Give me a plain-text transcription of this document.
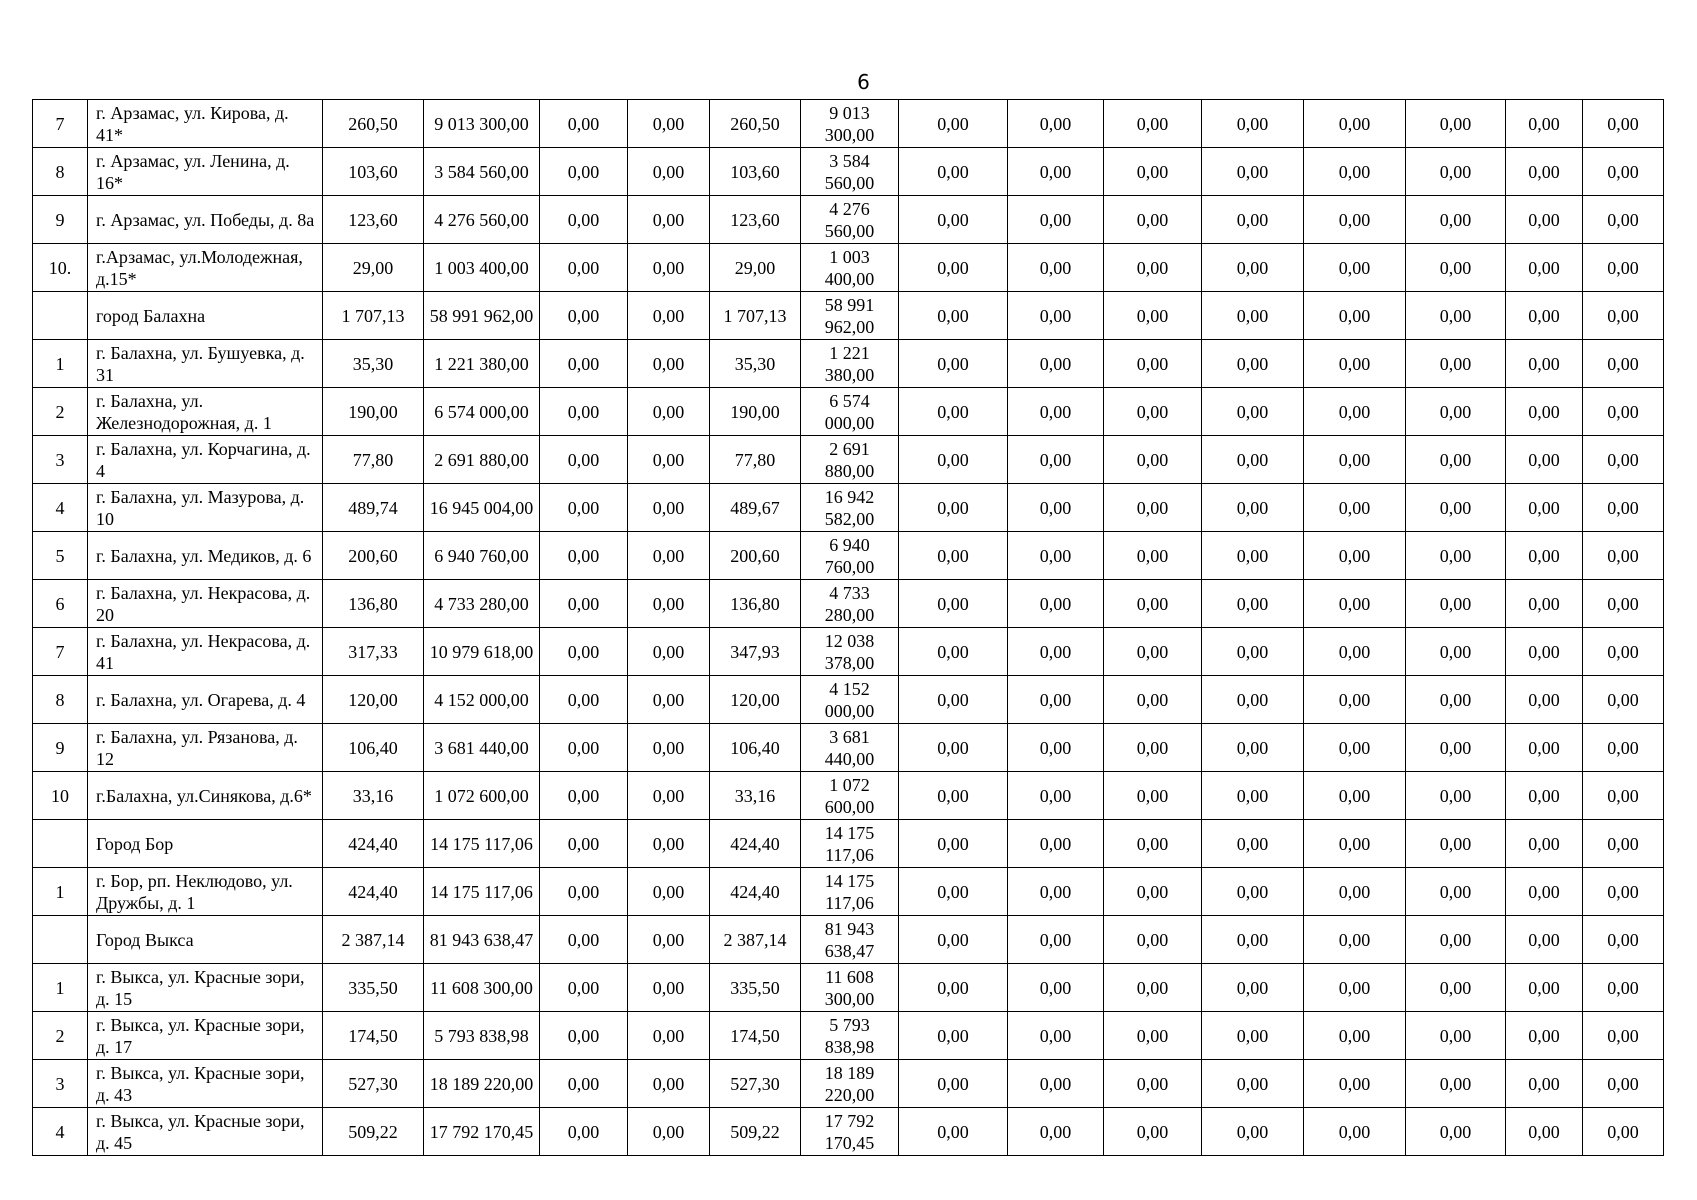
6
7	г. Арзамас, ул. Кирова, д. 41*	260,50	9 013 300,00	0,00	0,00	260,50	9 013 300,00	0,00	0,00	0,00	0,00	0,00	0,00	0,00	0,00
8	г. Арзамас, ул. Ленина, д. 16*	103,60	3 584 560,00	0,00	0,00	103,60	3 584 560,00	0,00	0,00	0,00	0,00	0,00	0,00	0,00	0,00
9	г. Арзамас, ул. Победы, д. 8а	123,60	4 276 560,00	0,00	0,00	123,60	4 276 560,00	0,00	0,00	0,00	0,00	0,00	0,00	0,00	0,00
10.	г.Арзамас, ул.Молодежная, д.15*	29,00	1 003 400,00	0,00	0,00	29,00	1 003 400,00	0,00	0,00	0,00	0,00	0,00	0,00	0,00	0,00
	город Балахна	1 707,13	58 991 962,00	0,00	0,00	1 707,13	58 991 962,00	0,00	0,00	0,00	0,00	0,00	0,00	0,00	0,00
1	г. Балахна, ул. Бушуевка, д. 31	35,30	1 221 380,00	0,00	0,00	35,30	1 221 380,00	0,00	0,00	0,00	0,00	0,00	0,00	0,00	0,00
2	г. Балахна, ул. Железнодорожная, д. 1	190,00	6 574 000,00	0,00	0,00	190,00	6 574 000,00	0,00	0,00	0,00	0,00	0,00	0,00	0,00	0,00
3	г. Балахна, ул. Корчагина, д. 4	77,80	2 691 880,00	0,00	0,00	77,80	2 691 880,00	0,00	0,00	0,00	0,00	0,00	0,00	0,00	0,00
4	г. Балахна, ул. Мазурова, д. 10	489,74	16 945 004,00	0,00	0,00	489,67	16 942 582,00	0,00	0,00	0,00	0,00	0,00	0,00	0,00	0,00
5	г. Балахна, ул. Медиков, д. 6	200,60	6 940 760,00	0,00	0,00	200,60	6 940 760,00	0,00	0,00	0,00	0,00	0,00	0,00	0,00	0,00
6	г. Балахна, ул. Некрасова, д. 20	136,80	4 733 280,00	0,00	0,00	136,80	4 733 280,00	0,00	0,00	0,00	0,00	0,00	0,00	0,00	0,00
7	г. Балахна, ул. Некрасова, д. 41	317,33	10 979 618,00	0,00	0,00	347,93	12 038 378,00	0,00	0,00	0,00	0,00	0,00	0,00	0,00	0,00
8	г. Балахна, ул. Огарева, д. 4	120,00	4 152 000,00	0,00	0,00	120,00	4 152 000,00	0,00	0,00	0,00	0,00	0,00	0,00	0,00	0,00
9	г. Балахна, ул. Рязанова, д. 12	106,40	3 681 440,00	0,00	0,00	106,40	3 681 440,00	0,00	0,00	0,00	0,00	0,00	0,00	0,00	0,00
10	г.Балахна, ул.Синякова, д.6*	33,16	1 072 600,00	0,00	0,00	33,16	1 072 600,00	0,00	0,00	0,00	0,00	0,00	0,00	0,00	0,00
	Город Бор	424,40	14 175 117,06	0,00	0,00	424,40	14 175 117,06	0,00	0,00	0,00	0,00	0,00	0,00	0,00	0,00
1	г. Бор, рп. Неклюдово, ул. Дружбы, д. 1	424,40	14 175 117,06	0,00	0,00	424,40	14 175 117,06	0,00	0,00	0,00	0,00	0,00	0,00	0,00	0,00
	Город Выкса	2 387,14	81 943 638,47	0,00	0,00	2 387,14	81 943 638,47	0,00	0,00	0,00	0,00	0,00	0,00	0,00	0,00
1	г. Выкса, ул. Красные зори, д. 15	335,50	11 608 300,00	0,00	0,00	335,50	11 608 300,00	0,00	0,00	0,00	0,00	0,00	0,00	0,00	0,00
2	г. Выкса, ул. Красные зори, д. 17	174,50	5 793 838,98	0,00	0,00	174,50	5 793 838,98	0,00	0,00	0,00	0,00	0,00	0,00	0,00	0,00
3	г. Выкса, ул. Красные зори, д. 43	527,30	18 189 220,00	0,00	0,00	527,30	18 189 220,00	0,00	0,00	0,00	0,00	0,00	0,00	0,00	0,00
4	г. Выкса, ул. Красные зори, д. 45	509,22	17 792 170,45	0,00	0,00	509,22	17 792 170,45	0,00	0,00	0,00	0,00	0,00	0,00	0,00	0,00
